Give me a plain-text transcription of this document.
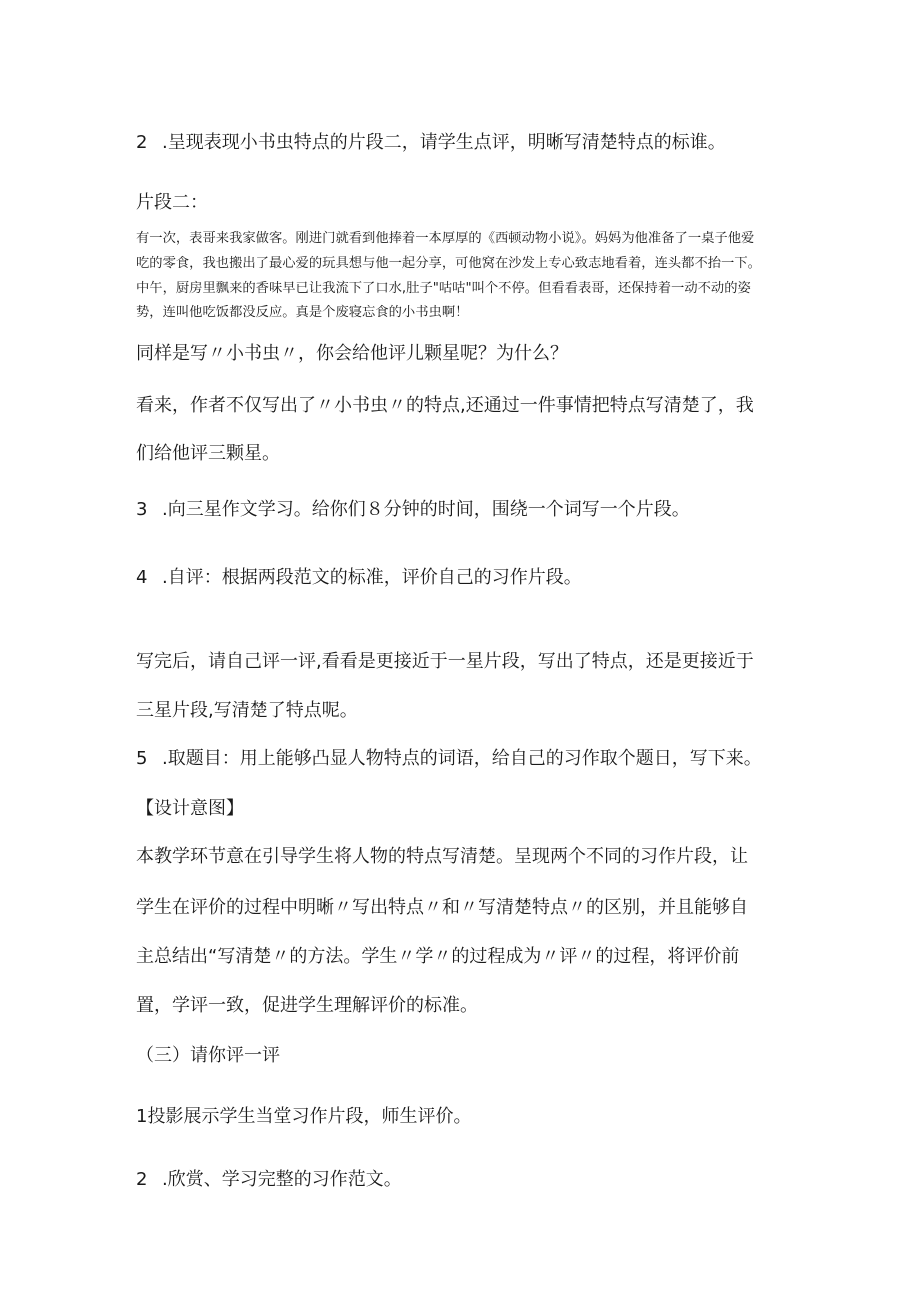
2 .呈现表现小书虫特点的片段二，请学生点评，明晰写清楚特点的标谁。
片段二：
有一次，表哥来我家做客。刚进门就看到他捧着一本厚厚的《西顿动物小说》。妈妈为他准备了一桌子他爱
吃的零食，我也搬出了最心爱的玩具想与他一起分享，可他窝在沙发上专心致志地看着，连头都不抬一下。
中午，厨房里飘来的香味早已让我流下了口水,肚子"咕咕"叫个不停。但看看表哥，还保持着一动不动的姿
势，连叫他吃饭都没反应。真是个废寝忘食的小书虫啊！
同样是写〃小书虫〃，你会给他评儿颗星呢？为什么？
看来，作者不仅写出了〃小书虫〃的特点,还通过一件事情把特点写清楚了，我
们给他评三颗星。
3 .向三星作文学习。给你们８分钟的时间，围绕一个词写一个片段。
4 .自评：根据两段范文的标准，评价自己的习作片段。
写完后，请自己评一评,看看是更接近于一星片段，写出了特点，还是更接近于
三星片段,写清楚了特点呢。
5 .取题目：用上能够凸显人物特点的词语，给自己的习作取个题日，写下来。
【设计意图】
本教学环节意在引导学生将人物的特点写清楚。呈现两个不同的习作片段，让
学生在评价的过程中明晰〃写出特点〃和〃写清楚特点〃的区别，并且能够自
主总结出“写清楚〃的方法。学生〃学〃的过程成为〃评〃的过程，将评价前
置，学评一致，促进学生理解评价的标准。
（三）请你评一评
1投影展示学生当堂习作片段，师生评价。
2 .欣赏、学习完整的习作范文。
